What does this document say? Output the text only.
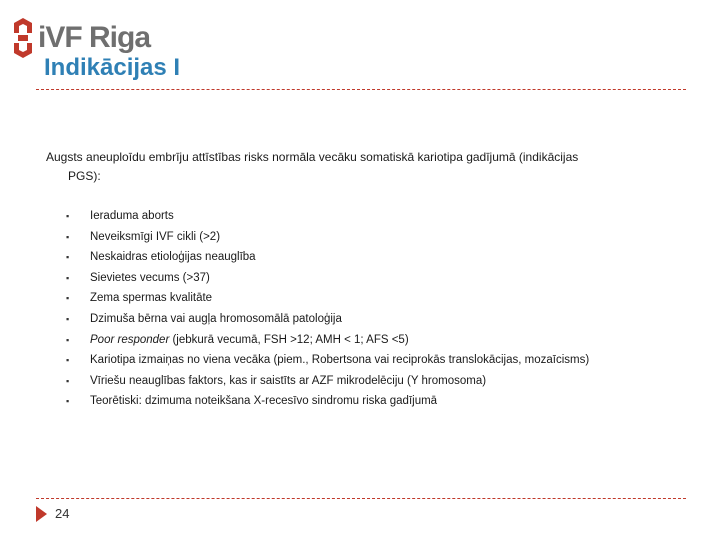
iVF Riga
Indikācijas I

Augsts aneuploīdu embrīju attīstības risks normāla vecāku somatiskā kariotipa gadījumā (indikācijas
PGS):

▪ Ieraduma aborts
▪ Neveiksmīgi IVF cikli (>2)
▪ Neskaidras etioloģijas neauglība
▪ Sievietes vecums (>37)
▪ Zema spermas kvalitāte
▪ Dzimuša bērna vai augļa hromosomālā patoloģija
▪ Poor responder (jebkurā vecumā, FSH >12; AMH < 1; AFS <5)
▪ Kariotipa izmaiņas no viena vecāka (piem., Robertsona vai reciprokās translokācijas, mozaīcisms)
▪ Vīriešu neauglības faktors, kas ir saistīts ar AZF mikrodelēciju (Y hromosoma)
▪ Teorētiski: dzimuma noteikšana X-recesīvo sindromu riska gadījumā
24
